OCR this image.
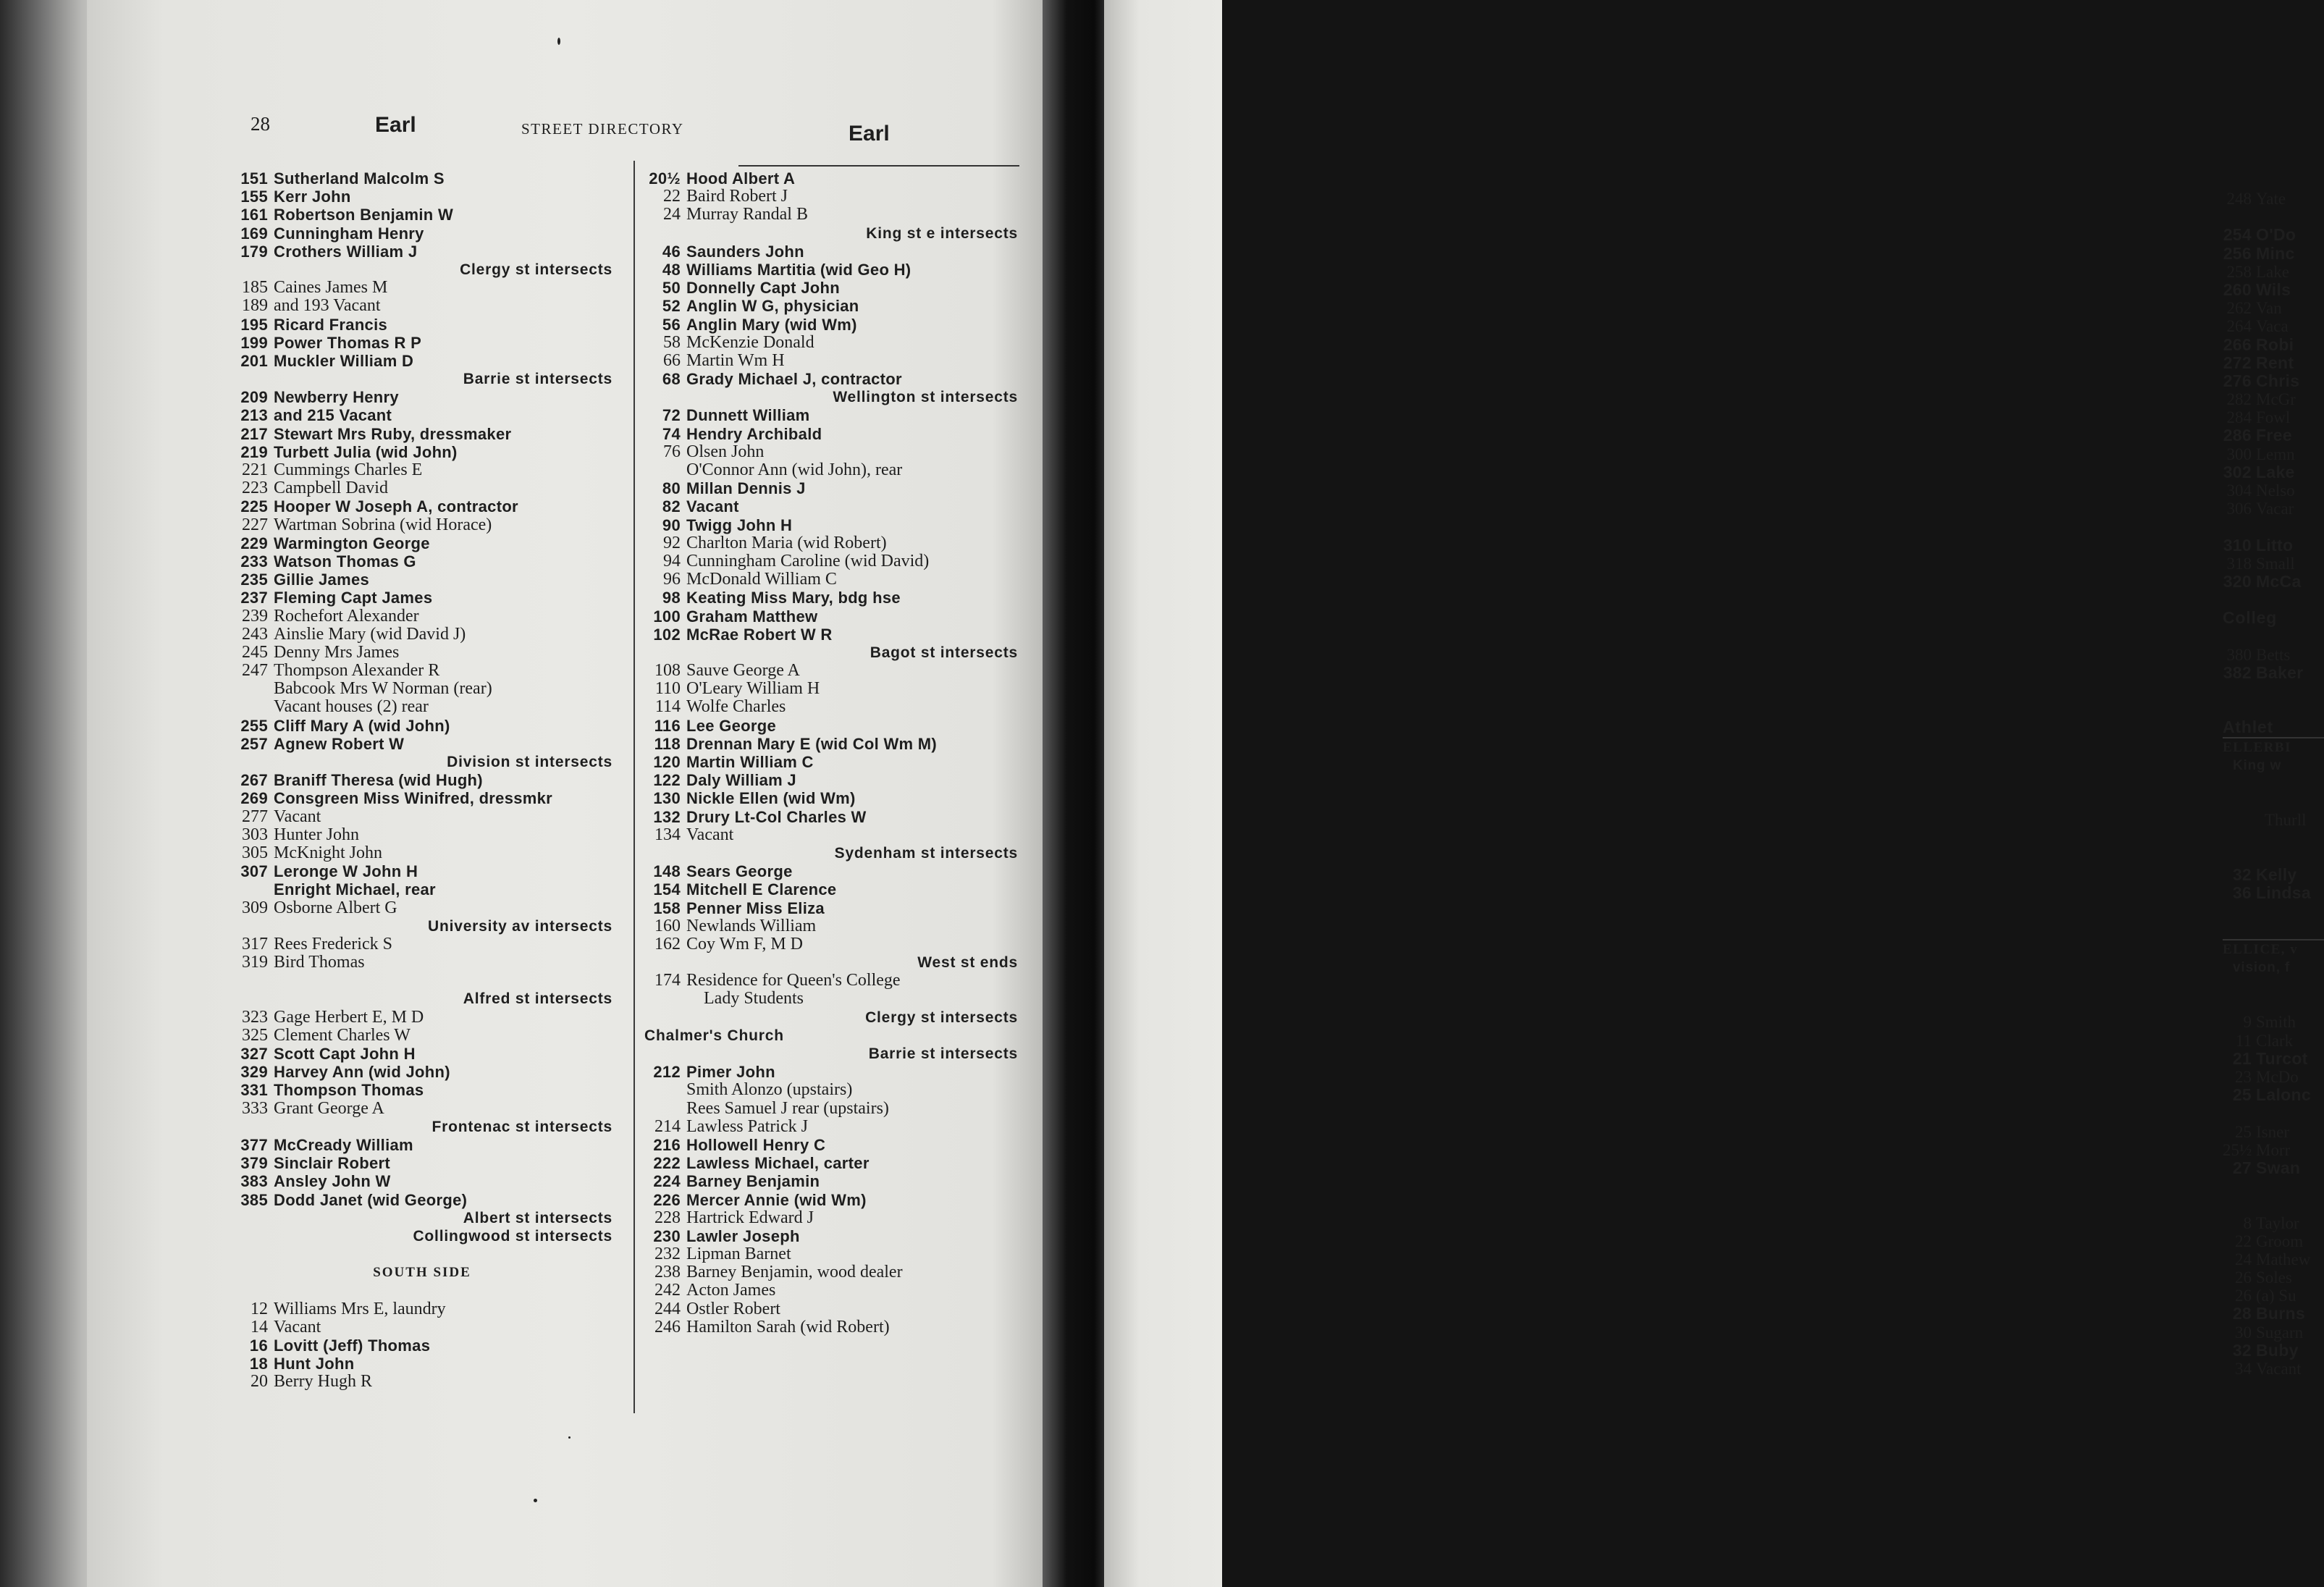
248 Yate
254 O'Do
256 Minc
258 Lake
260 Wils
262 Van
264 Vaca
266 Robi
272 Rent
276 Chris
282 McGr
284 Fowl
286 Free
300 Lemn
302 Lake
304 Nelso
306 Vacar
310 Litto
318 Small
320 McCa
Colleg
380 Betts
382 Baker
Athlet
ELLERBI
King w
Thurll
32 Kelly
36 Lindsa
ELLICE, v
vision, f
9 Smith
11 Clark
21 Turcot
23 McDo
25 Lalonc
25 Isner
25½ Morr
27 Swan
8 Taylor
22 Groom
24 Mathew
26 Soles
26 (a) Su
28 Burns
30 Sugarn
32 Buby
34 Vacant
28	Earl	STREET DIRECTORY	Earl
151 Sutherland Malcolm S
155 Kerr John
161 Robertson Benjamin W
169 Cunningham Henry
179 Crothers William J
Clergy st intersects
185 Caines James M
189 and 193 Vacant
195 Ricard Francis
199 Power Thomas R P
201 Muckler William D
Barrie st intersects
209 Newberry Henry
213 and 215 Vacant
217 Stewart Mrs Ruby, dressmaker
219 Turbett Julia (wid John)
221 Cummings Charles E
223 Campbell David
225 Hooper W Joseph A, contractor
227 Wartman Sobrina (wid Horace)
229 Warmington George
233 Watson Thomas G
235 Gillie James
237 Fleming Capt James
239 Rochefort Alexander
243 Ainslie Mary (wid David J)
245 Denny Mrs James
247 Thompson Alexander R
Babcook Mrs W Norman (rear)
Vacant houses (2) rear
255 Cliff Mary A (wid John)
257 Agnew Robert W
Division st intersects
267 Braniff Theresa (wid Hugh)
269 Consgreen Miss Winifred, dressmkr
277 Vacant
303 Hunter John
305 McKnight John
307 Leronge W John H
Enright Michael, rear
309 Osborne Albert G
University av intersects
317 Rees Frederick S
319 Bird Thomas
Alfred st intersects
323 Gage Herbert E, M D
325 Clement Charles W
327 Scott Capt John H
329 Harvey Ann (wid John)
331 Thompson Thomas
333 Grant George A
Frontenac st intersects
377 McCready William
379 Sinclair Robert
383 Ansley John W
385 Dodd Janet (wid George)
Albert st intersects
Collingwood st intersects
SOUTH SIDE
12 Williams Mrs E, laundry
14 Vacant
16 Lovitt (Jeff) Thomas
18 Hunt John
20 Berry Hugh R
20½ Hood Albert A
22 Baird Robert J
24 Murray Randal B
King st e intersects
46 Saunders John
48 Williams Martitia (wid Geo H)
50 Donnelly Capt John
52 Anglin W G, physician
56 Anglin Mary (wid Wm)
58 McKenzie Donald
66 Martin Wm H
68 Grady Michael J, contractor
Wellington st intersects
72 Dunnett William
74 Hendry Archibald
76 Olsen John
O'Connor Ann (wid John), rear
80 Millan Dennis J
82 Vacant
90 Twigg John H
92 Charlton Maria (wid Robert)
94 Cunningham Caroline (wid David)
96 McDonald William C
98 Keating Miss Mary, bdg hse
100 Graham Matthew
102 McRae Robert W R
Bagot st intersects
108 Sauve George A
110 O'Leary William H
114 Wolfe Charles
116 Lee George
118 Drennan Mary E (wid Col Wm M)
120 Martin William C
122 Daly William J
130 Nickle Ellen (wid Wm)
132 Drury Lt-Col Charles W
134 Vacant
Sydenham st intersects
148 Sears George
154 Mitchell E Clarence
158 Penner Miss Eliza
160 Newlands William
162 Coy Wm F, M D
West st ends
174 Residence for Queen's College
Lady Students
Clergy st intersects
Chalmer's Church
Barrie st intersects
212 Pimer John
Smith Alonzo (upstairs)
Rees Samuel J rear (upstairs)
214 Lawless Patrick J
216 Hollowell Henry C
222 Lawless Michael, carter
224 Barney Benjamin
226 Mercer Annie (wid Wm)
228 Hartrick Edward J
230 Lawler Joseph
232 Lipman Barnet
238 Barney Benjamin, wood dealer
242 Acton James
244 Ostler Robert
246 Hamilton Sarah (wid Robert)
